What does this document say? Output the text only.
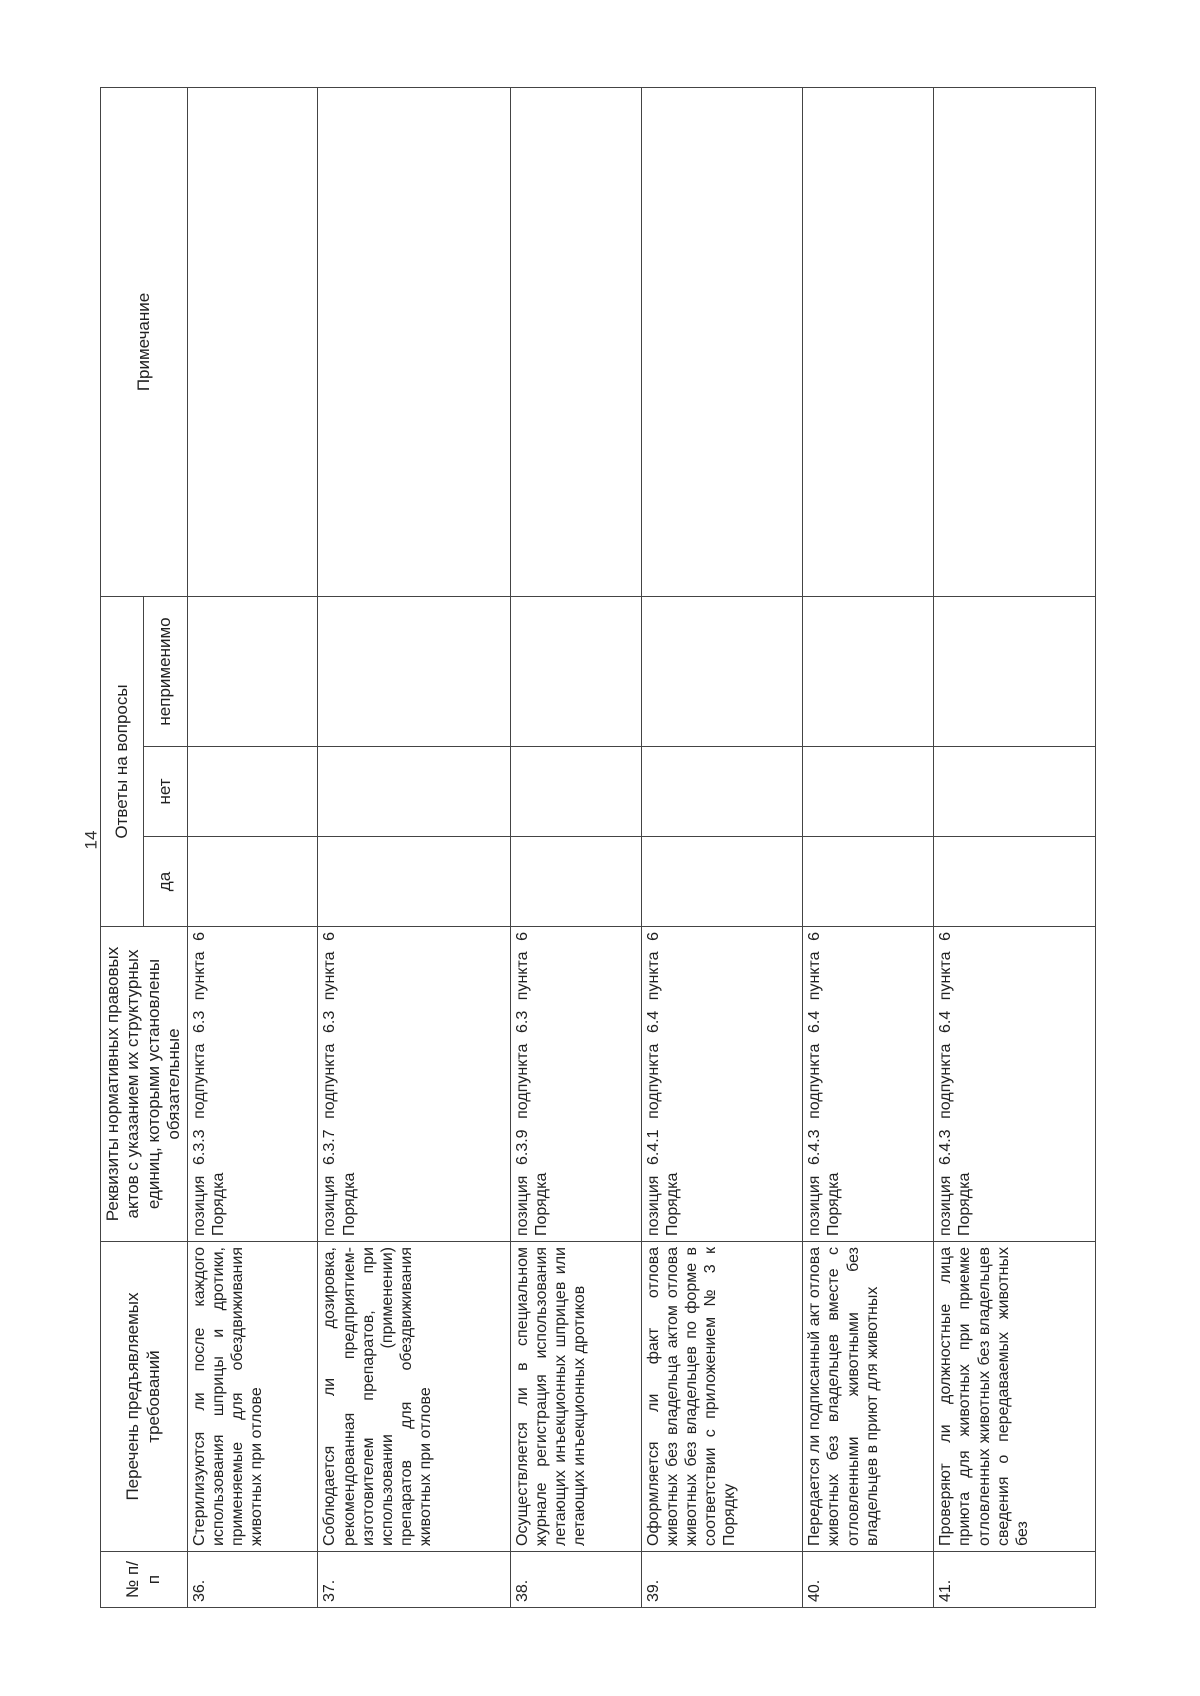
14
№ п/п	Перечень предъявляемых требований	Реквизиты нормативных правовых актов с указанием их структурных единиц, которыми установлены обязательные	Ответы на вопросы			Примечание
			да	нет	неприменимо	
36.	Стерилизуются ли после каждого использования шприцы и дротики, применяемые для обездвиживания животных при отлове	позиция 6.3.3 подпункта 6.3 пункта 6 Порядка				
37.	Соблюдается ли дозировка, рекомендованная предприятием-изготовителем препаратов, при использовании (применении) препаратов для обездвиживания животных при отлове	позиция 6.3.7 подпункта 6.3 пункта 6 Порядка				
38.	Осуществляется ли в специальном журнале регистрация использования летающих инъекционных шприцев или летающих инъекционных дротиков	позиция 6.3.9 подпункта 6.3 пункта 6 Порядка				
39.	Оформляется ли факт отлова животных без владельца актом отлова животных без владельцев по форме в соответствии с приложением № 3 к Порядку	позиция 6.4.1 подпункта 6.4 пункта 6 Порядка				
40.	Передается ли подписанный акт отлова животных без владельцев вместе с отловленными животными без владельцев в приют для животных	позиция 6.4.3 подпункта 6.4 пункта 6 Порядка				
41.	Проверяют ли должностные лица приюта для животных при приемке отловленных животных без владельцев сведения о передаваемых животных без	позиция 6.4.3 подпункта 6.4 пункта 6 Порядка				
